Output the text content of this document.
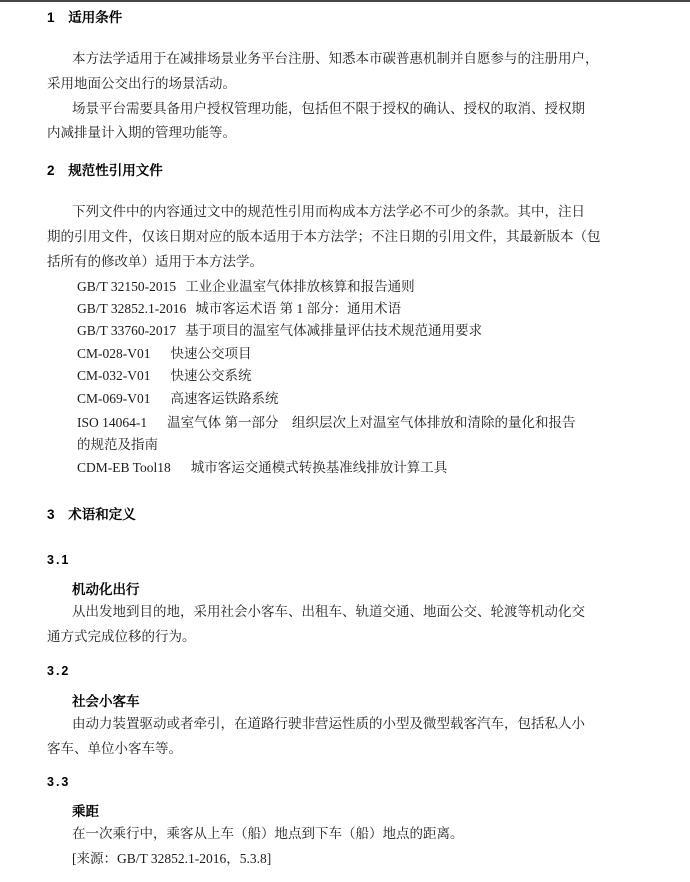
1 适用条件
本方法学适用于在减排场景业务平台注册、知悉本市碳普惠机制并自愿参与的注册用户，
采用地面公交出行的场景活动。
场景平台需要具备用户授权管理功能，包括但不限于授权的确认、授权的取消、授权期
内减排量计入期的管理功能等。
2 规范性引用文件
下列文件中的内容通过文中的规范性引用而构成本方法学必不可少的条款。其中，注日
期的引用文件，仅该日期对应的版本适用于本方法学；不注日期的引用文件，其最新版本（包
括所有的修改单）适用于本方法学。
GB/T 32150-2015 工业企业温室气体排放核算和报告通则
GB/T 32852.1-2016 城市客运术语 第 1 部分：通用术语
GB/T 33760-2017 基于项目的温室气体减排量评估技术规范通用要求
CM-028-V01 快速公交项目
CM-032-V01 快速公交系统
CM-069-V01 高速客运铁路系统
ISO 14064-1 温室气体 第一部分　组织层次上对温室气体排放和清除的量化和报告
的规范及指南
CDM-EB Tool18 城市客运交通模式转换基准线排放计算工具
3 术语和定义
3.1
机动化出行
从出发地到目的地，采用社会小客车、出租车、轨道交通、地面公交、轮渡等机动化交
通方式完成位移的行为。
3.2
社会小客车
由动力装置驱动或者牵引，在道路行驶非营运性质的小型及微型载客汽车，包括私人小
客车、单位小客车等。
3.3
乘距
在一次乘行中，乘客从上车（船）地点到下车（船）地点的距离。
[来源：GB/T 32852.1-2016，5.3.8]
